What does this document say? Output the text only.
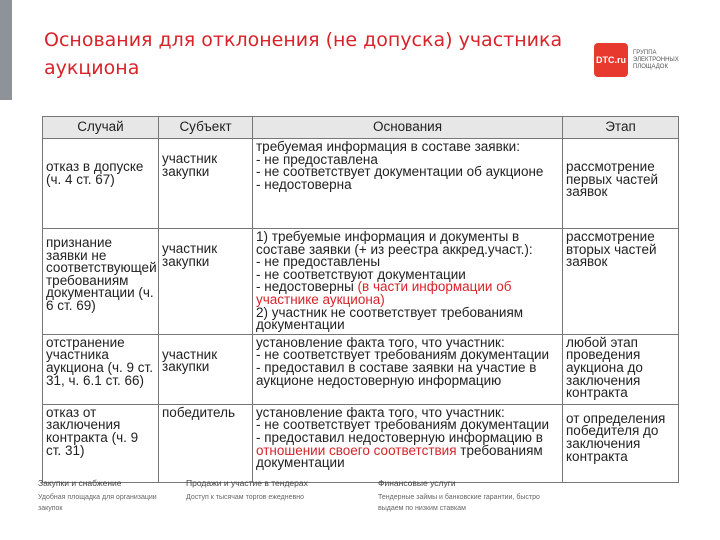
Основания для отклонения (не допуска) участника аукциона	DTC.ru
ГРУППА ЭЛЕКТРОННЫХ ПЛОЩАДОК
Случай	Субъект	Основания	Этап
отказ в допуске (ч. 4 ст. 67)	участник закупки	требуемая информация в составе заявки:
- не предоставлена
- не соответствует документации об аукционе
- недостоверна	рассмотрение первых частей заявок
признание заявки не соответствующей требованиям документации (ч. 6 ст. 69)	участник закупки	1) требуемые информация и документы в составе заявки (+ из реестра аккред.участ.):
- не предоставлены
- не соответствуют документации
- недостоверны (в части информации об участнике аукциона)
2) участник не соответствует требованиям документации	рассмотрение вторых частей заявок
отстранение участника аукциона (ч. 9 ст. 31, ч. 6.1 ст. 66)	участник закупки	установление факта того, что участник:
- не соответствует требованиям документации
- предоставил в составе заявки на участие в аукционе недостоверную информацию	любой этап проведения аукциона до заключения контракта
отказ от заключения контракта (ч. 9 ст. 31)	победитель	установление факта того, что участник:
- не соответствует требованиям документации
- предоставил недостоверную информацию в отношении своего соответствия требованиям документации	от определения победителя до заключения контракта
Закупки и снабжение
Удобная площадка для организации закупок
Продажи и участие в тендерах
Доступ к тысячам торгов ежедневно
Финансовые услуги
Тендерные займы и банковские гарантии, быстро выдаем по низким ставкам
